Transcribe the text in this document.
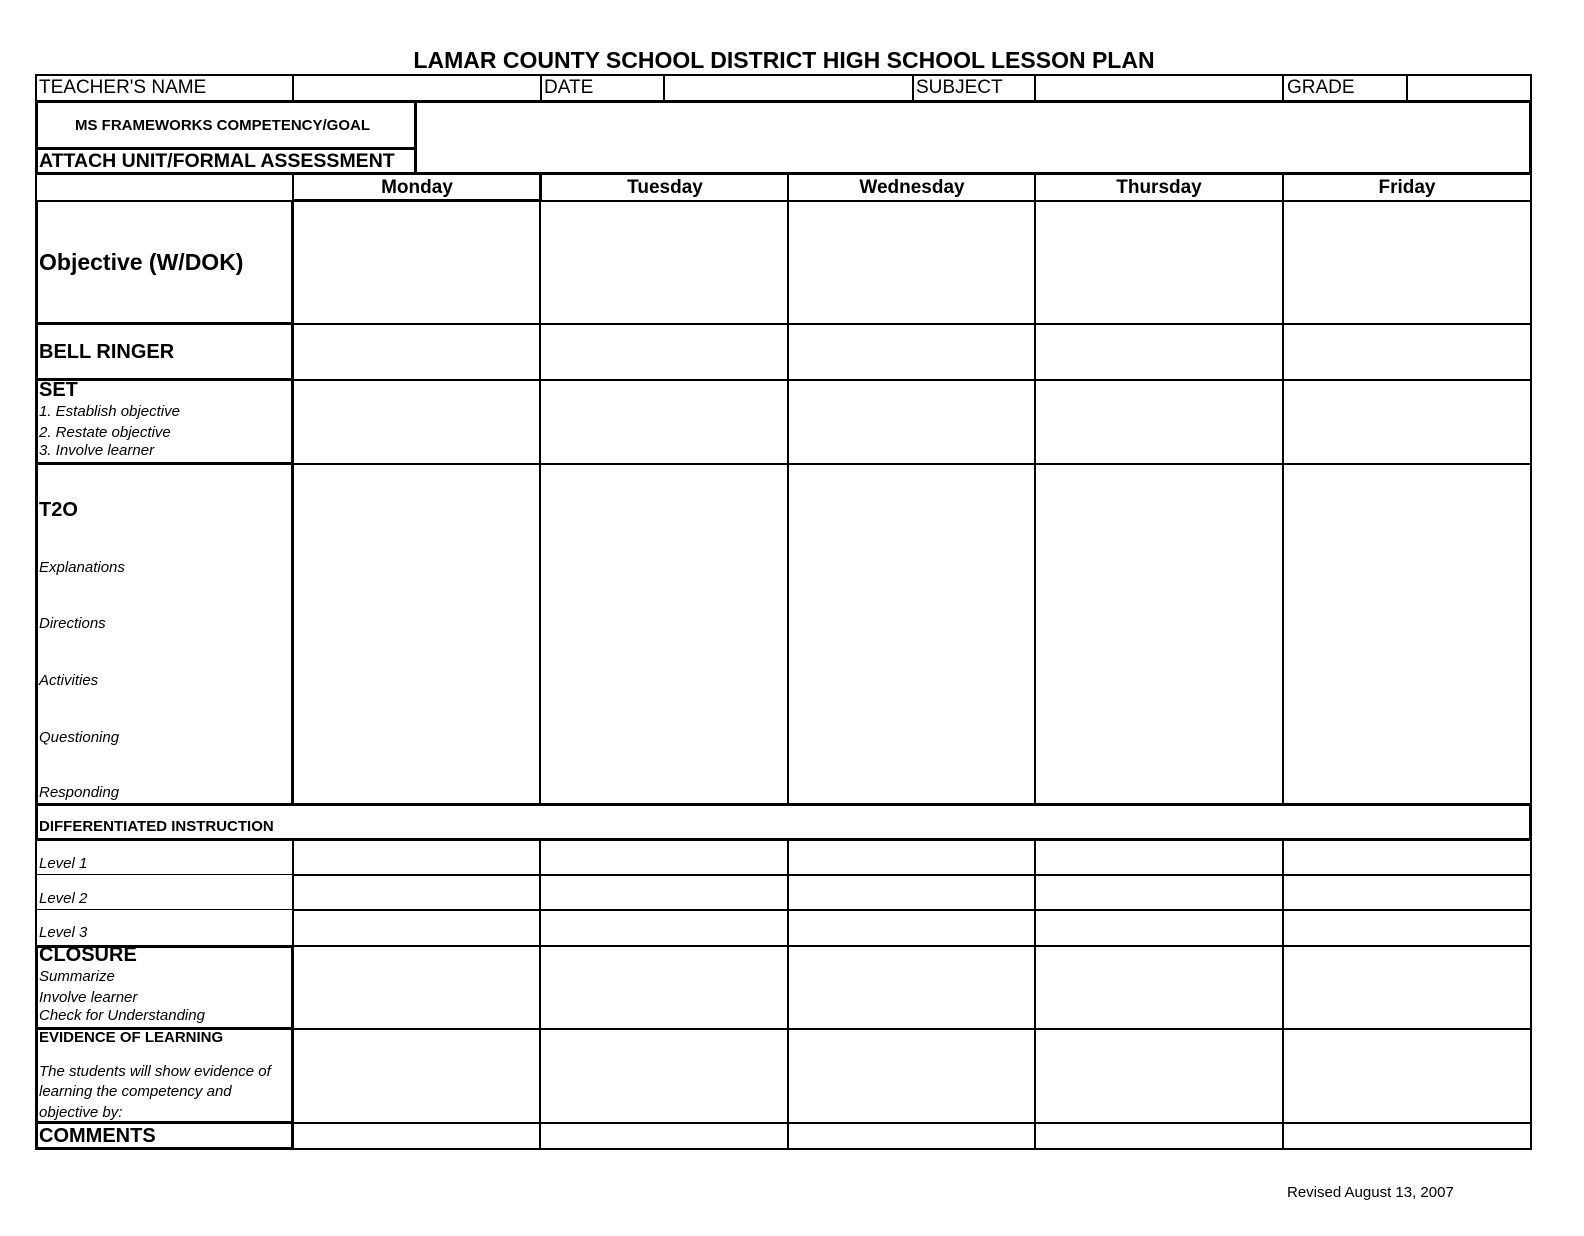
LAMAR COUNTY SCHOOL DISTRICT HIGH SCHOOL LESSON PLAN
TEACHER'S NAME	DATE	SUBJECT	GRADE
MS FRAMEWORKS COMPETENCY/GOAL
ATTACH UNIT/FORMAL ASSESSMENT
Monday	Tuesday	Wednesday	Thursday	Friday
Objective (W/DOK)
BELL RINGER
SET
1. Establish objective
2. Restate objective
3. Involve learner
T2O
Explanations
Directions
Activities
Questioning
Responding
DIFFERENTIATED INSTRUCTION
Level 1
Level 2
Level 3
CLOSURE
Summarize
Involve learner
Check for Understanding
EVIDENCE OF LEARNING
The students will show evidence of
learning the competency and
objective by:
COMMENTS
Revised August 13, 2007
